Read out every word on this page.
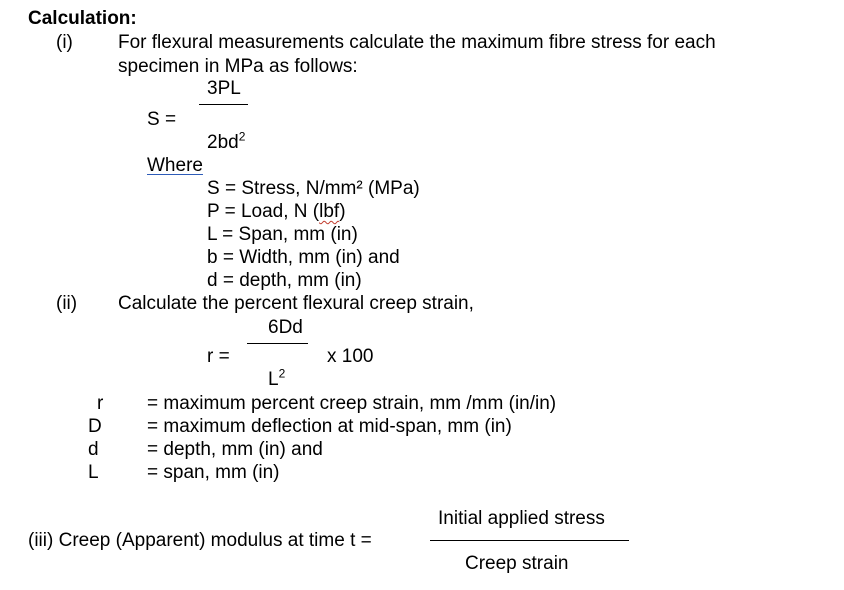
Calculation:
(i) For flexural measurements calculate the maximum fibre stress for each
specimen in MPa as follows:
3PL
S =
$2bd^2$
Where
S = Stress, N/mm² (MPa)
P = Load, N (lbf)
L = Span, mm (in)
b = Width, mm (in) and
d = depth, mm (in)
(ii) Calculate the percent flexural creep strain,
6Dd
r =	x 100
$L^2$
r = maximum percent creep strain, mm /mm (in/in)
D = maximum deflection at mid-span, mm (in)
d	= depth, mm (in) and
L	= span, mm (in)
(iii) Creep (Apparent) modulus at time t =
Initial applied stress
Creep strain
